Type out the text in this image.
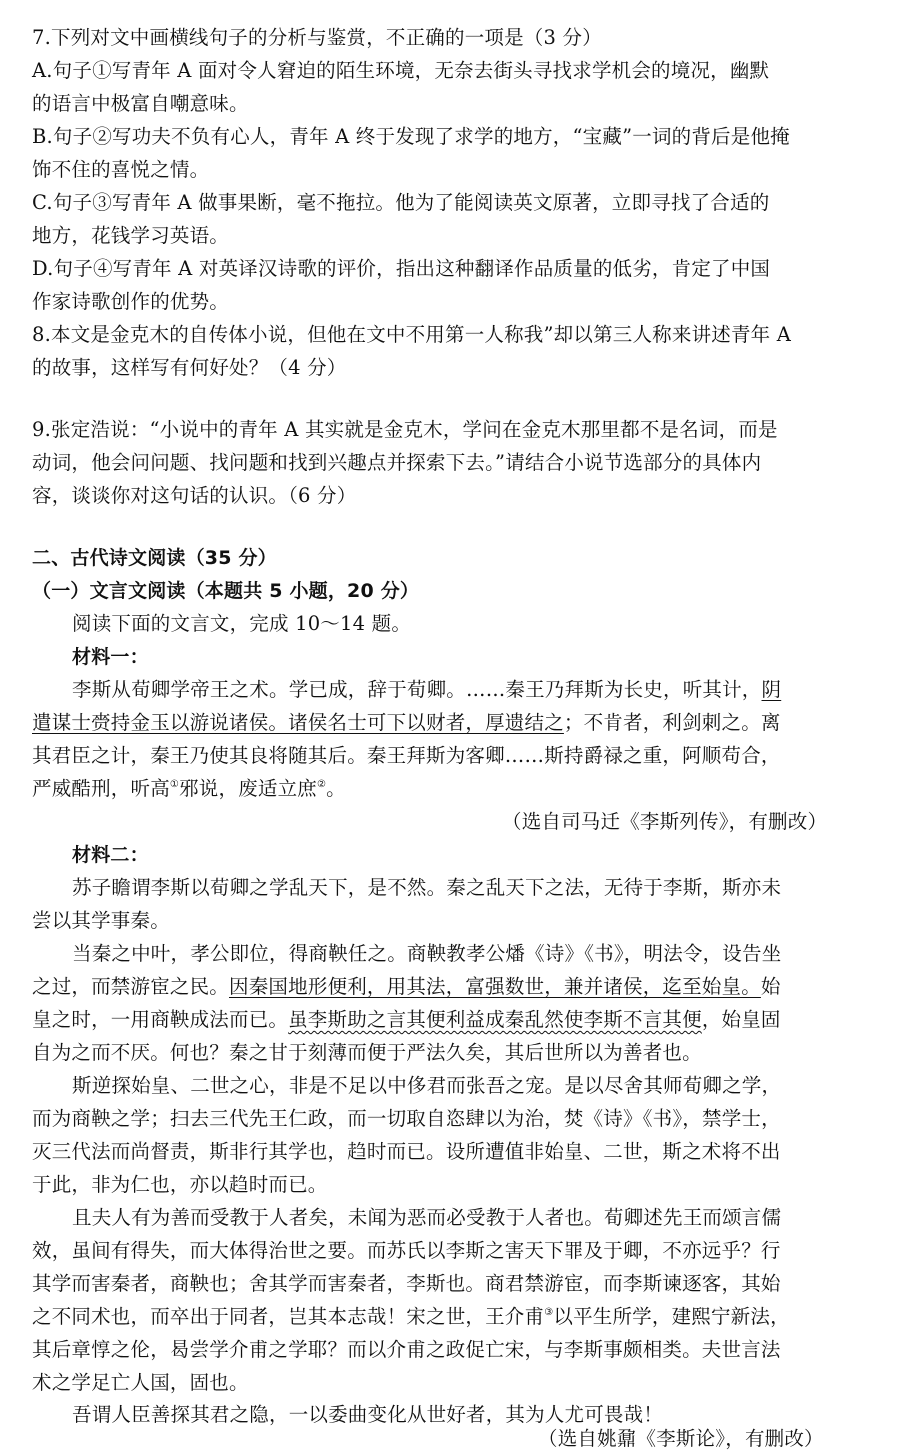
7.下列对文中画横线句子的分析与鉴赏，不正确的一项是（3 分）
A.句子①写青年 A 面对令人窘迫的陌生环境，无奈去街头寻找求学机会的境况，幽默
的语言中极富自嘲意味。
B.句子②写功夫不负有心人，青年 A 终于发现了求学的地方，“宝藏”一词的背后是他掩
饰不住的喜悦之情。
C.句子③写青年 A 做事果断，毫不拖拉。他为了能阅读英文原著，立即寻找了合适的
地方，花钱学习英语。
D.句子④写青年 A 对英译汉诗歌的评价，指出这种翻译作品质量的低劣，肯定了中国
作家诗歌创作的优势。
8.本文是金克木的自传体小说，但他在文中不用第一人称我”却以第三人称来讲述青年 A
的故事，这样写有何好处？（4 分）
9.张定浩说：“小说中的青年 A 其实就是金克木，学问在金克木那里都不是名词，而是
动词，他会问问题、找问题和找到兴趣点并探索下去。”请结合小说节选部分的具体内
容，谈谈你对这句话的认识。（6 分）
二、古代诗文阅读（35 分）
（一）文言文阅读（本题共 5 小题，20 分）
阅读下面的文言文，完成 10～14 题。
材料一：
李斯从荀卿学帝王之术。学已成，辞于荀卿。……秦王乃拜斯为长史，听其计，阴
遣谋士赍持金玉以游说诸侯。诸侯名士可下以财者，厚遗结之；不肯者，利剑刺之。离
其君臣之计，秦王乃使其良将随其后。秦王拜斯为客卿……斯持爵禄之重，阿顺苟合，
严威酷刑，听高①邪说，废适立庶②。
（选自司马迁《李斯列传》，有删改）
材料二：
苏子瞻谓李斯以荀卿之学乱天下，是不然。秦之乱天下之法，无待于李斯，斯亦未
尝以其学事秦。
当秦之中叶，孝公即位，得商鞅任之。商鞅教孝公燔《诗》《书》，明法令，设告坐
之过，而禁游宦之民。因秦国地形便利，用其法，富强数世，兼并诸侯，迄至始皇。始
皇之时，一用商鞅成法而已。虽李斯助之言其便利益成秦乱然使李斯不言其便，始皇固
自为之而不厌。何也？秦之甘于刻薄而便于严法久矣，其后世所以为善者也。
斯逆探始皇、二世之心，非是不足以中侈君而张吾之宠。是以尽舍其师荀卿之学，
而为商鞅之学；扫去三代先王仁政，而一切取自恣肆以为治，焚《诗》《书》，禁学士，
灭三代法而尚督责，斯非行其学也，趋时而已。设所遭值非始皇、二世，斯之术将不出
于此，非为仁也，亦以趋时而已。
且夫人有为善而受教于人者矣，未闻为恶而必受教于人者也。荀卿述先王而颂言儒
效，虽间有得失，而大体得治世之要。而苏氏以李斯之害天下罪及于卿，不亦远乎？行
其学而害秦者，商鞅也；舍其学而害秦者，李斯也。商君禁游宦，而李斯谏逐客，其始
之不同术也，而卒出于同者，岂其本志哉！宋之世，王介甫③以平生所学，建熙宁新法，
其后章惇之伦，曷尝学介甫之学耶？而以介甫之政促亡宋，与李斯事颇相类。夫世言法
术之学足亡人国，固也。
吾谓人臣善探其君之隐，一以委曲变化从世好者，其为人尤可畏哉！
（选自姚鼐《李斯论》，有删改）
